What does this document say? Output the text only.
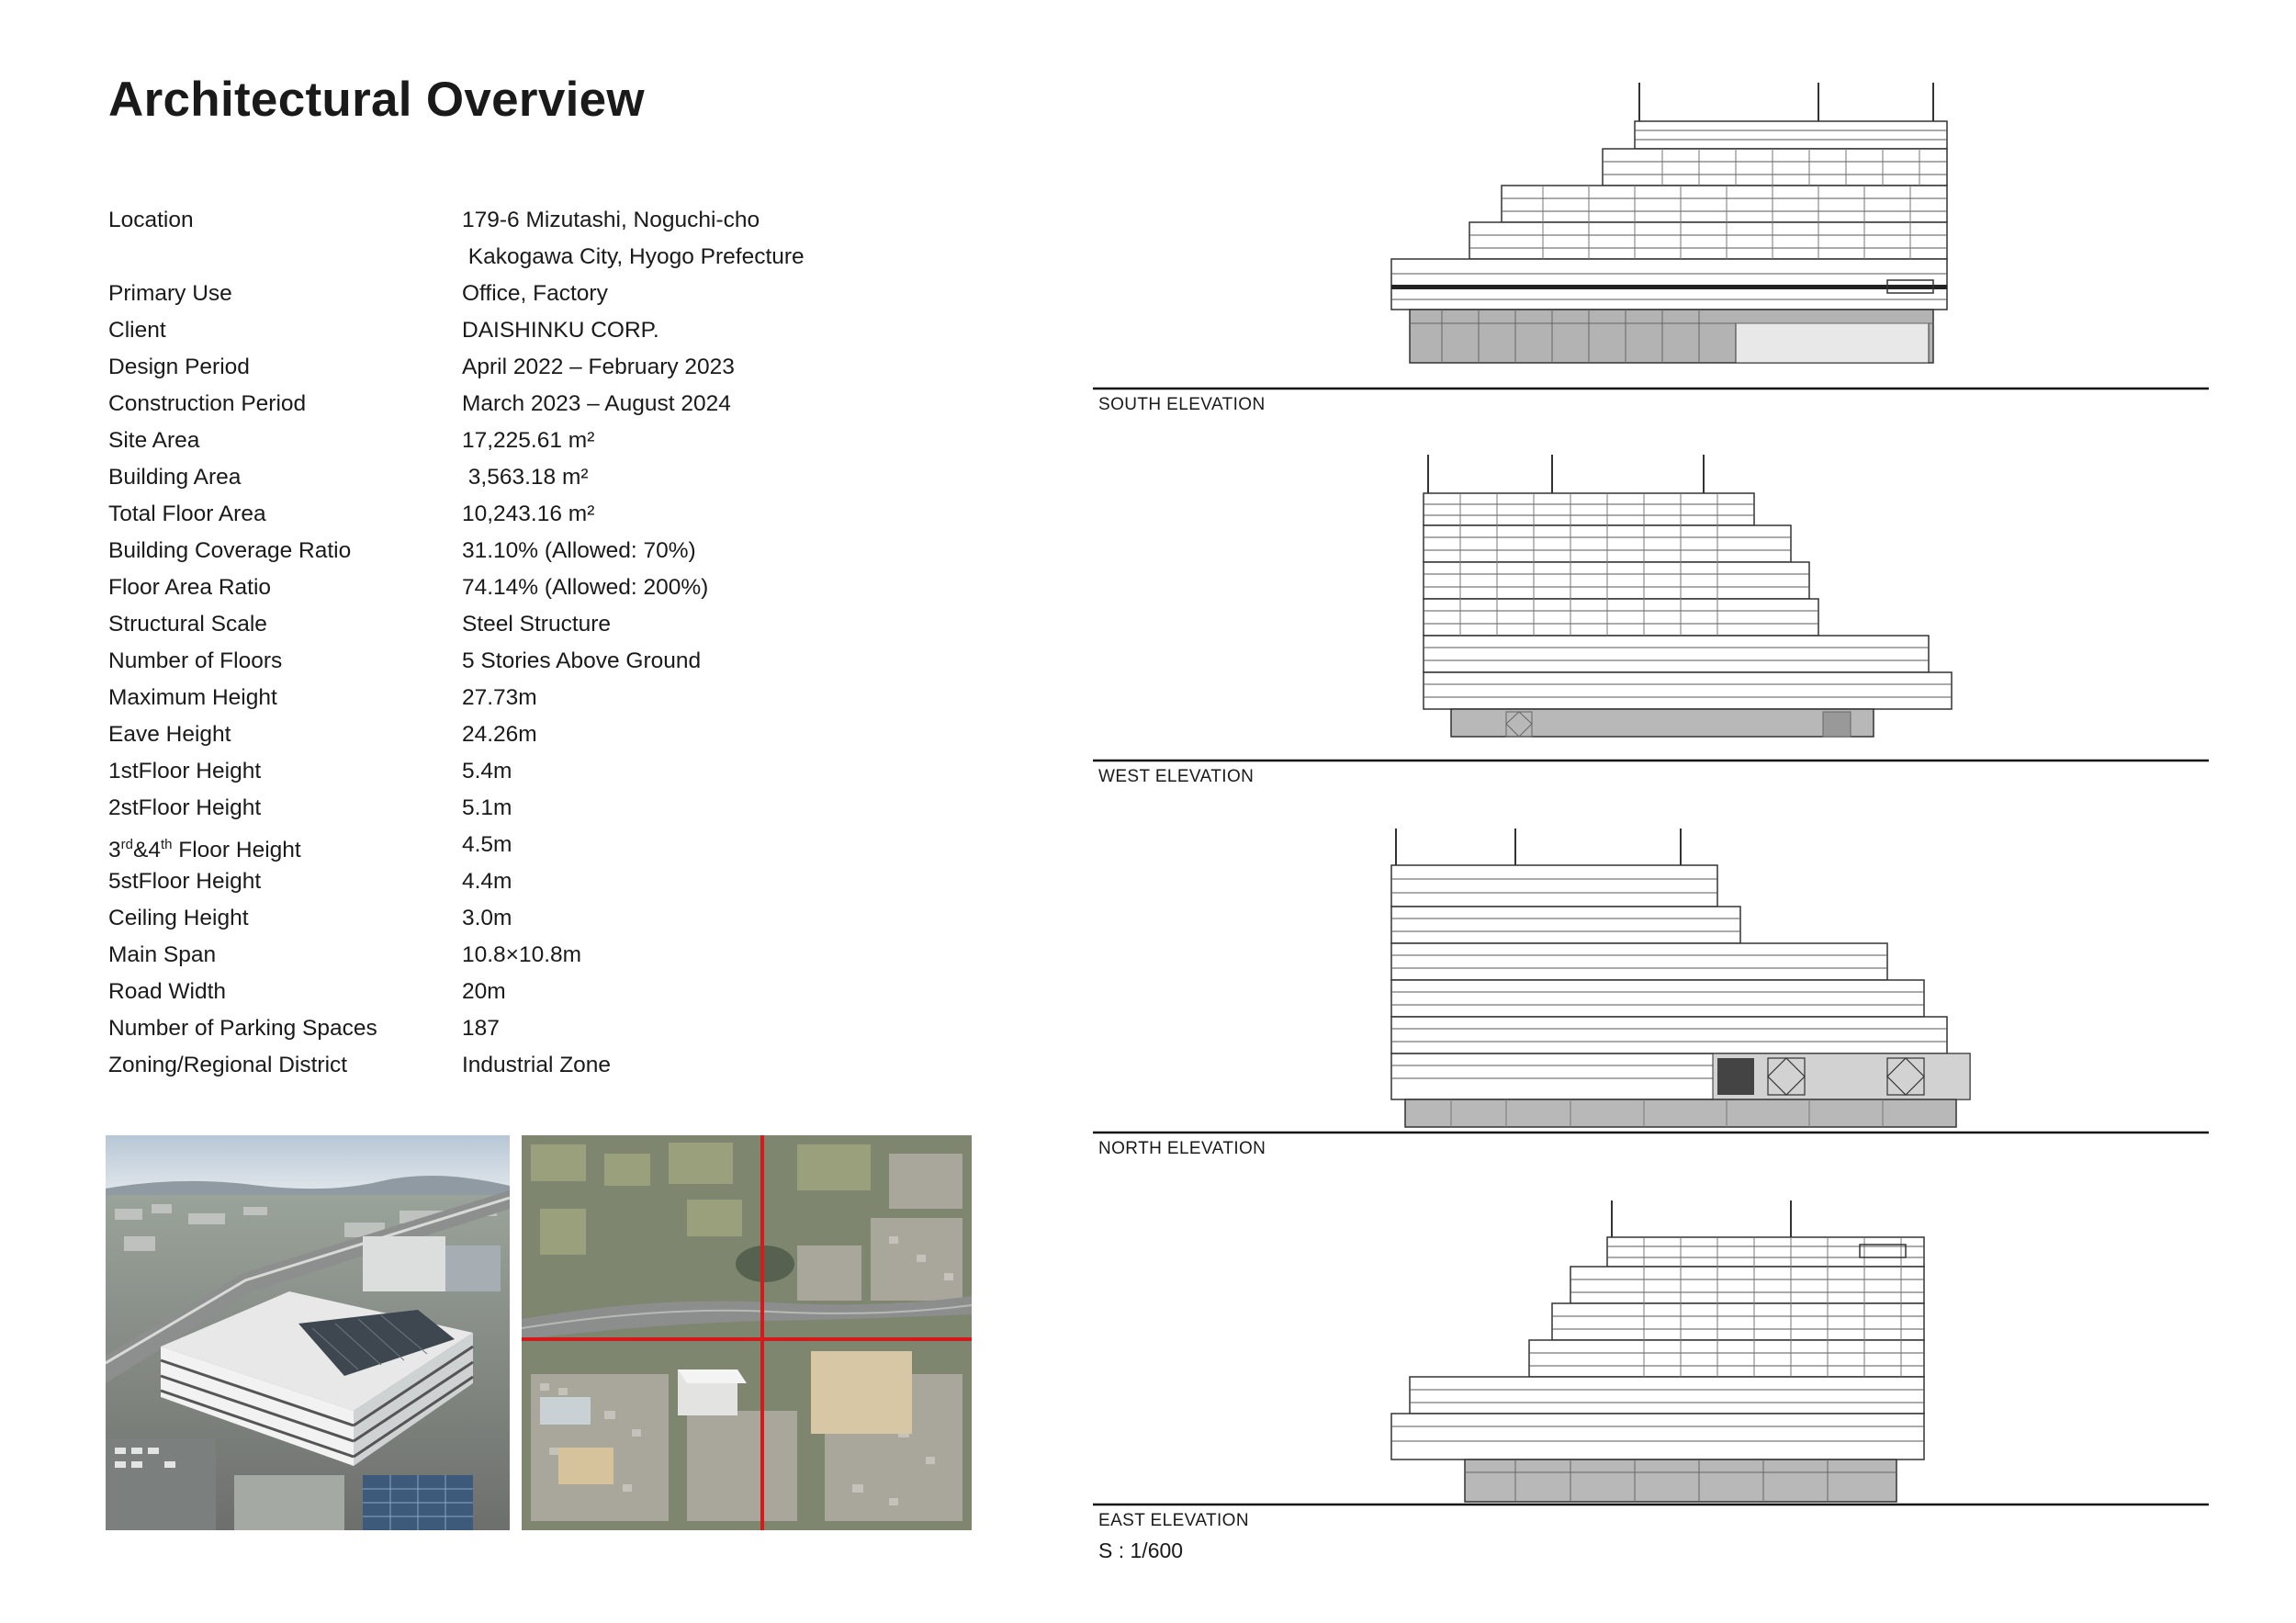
Architectural Overview
Location	179-6 Mizutashi, Noguchi-cho
Kakogawa City, Hyogo Prefecture
Primary Use	Office, Factory
Client	DAISHINKU CORP.
Design Period	April 2022 – February 2023
Construction Period	March 2023 – August 2024
Site Area	17,225.61 m²
Building Area	3,563.18 m²
Total Floor Area	10,243.16 m²
Building Coverage Ratio	31.10% (Allowed: 70%)
Floor Area Ratio	74.14% (Allowed: 200%)
Structural Scale	Steel Structure
Number of Floors	5 Stories Above Ground
Maximum Height	27.73m
Eave Height	24.26m
1stFloor Height	5.4m
2stFloor Height	5.1m
3rd&4th Floor Height	4.5m
5stFloor Height	4.4m
Ceiling Height	3.0m
Main Span	10.8×10.8m
Road Width	20m
Number of Parking Spaces	187
Zoning/Regional District	Industrial Zone
SOUTH ELEVATION
WEST ELEVATION
NORTH ELEVATION
EAST ELEVATION
S : 1/600
